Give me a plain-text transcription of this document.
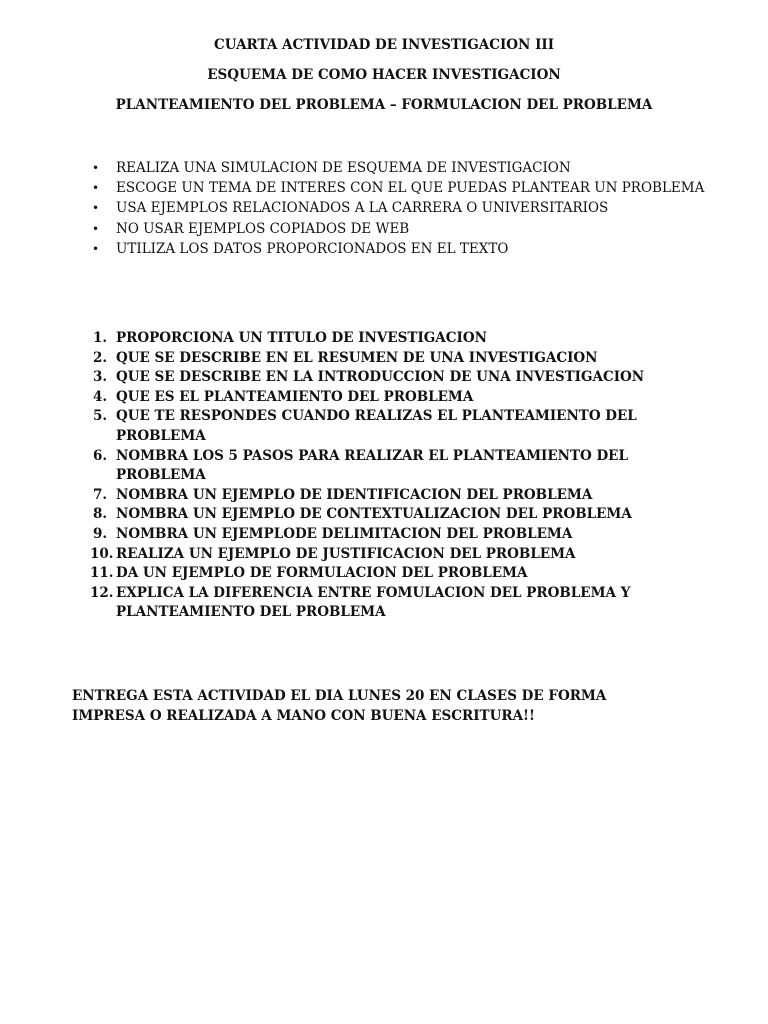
CUARTA ACTIVIDAD DE INVESTIGACION III
ESQUEMA DE COMO HACER INVESTIGACION
PLANTEAMIENTO DEL PROBLEMA – FORMULACION DEL PROBLEMA
• REALIZA UNA SIMULACION DE ESQUEMA DE INVESTIGACION
• ESCOGE UN TEMA DE INTERES CON EL QUE PUEDAS PLANTEAR UN PROBLEMA
• USA EJEMPLOS RELACIONADOS A LA CARRERA O UNIVERSITARIOS
• NO USAR EJEMPLOS COPIADOS DE WEB
• UTILIZA LOS DATOS PROPORCIONADOS EN EL TEXTO
1. PROPORCIONA UN TITULO DE INVESTIGACION
2. QUE SE DESCRIBE EN EL RESUMEN DE UNA INVESTIGACION
3. QUE SE DESCRIBE EN LA INTRODUCCION DE UNA INVESTIGACION
4. QUE ES EL PLANTEAMIENTO DEL PROBLEMA
5. QUE TE RESPONDES CUANDO REALIZAS EL PLANTEAMIENTO DEL PROBLEMA
6. NOMBRA LOS 5 PASOS PARA REALIZAR EL PLANTEAMIENTO DEL PROBLEMA
7. NOMBRA UN EJEMPLO DE IDENTIFICACION DEL PROBLEMA
8. NOMBRA UN EJEMPLO DE CONTEXTUALIZACION DEL PROBLEMA
9. NOMBRA UN EJEMPLODE DELIMITACION DEL PROBLEMA
10. REALIZA UN EJEMPLO DE JUSTIFICACION DEL PROBLEMA
11. DA UN EJEMPLO DE FORMULACION DEL PROBLEMA
12. EXPLICA LA DIFERENCIA ENTRE FOMULACION DEL PROBLEMA Y PLANTEAMIENTO DEL PROBLEMA
ENTREGA ESTA ACTIVIDAD EL DIA LUNES 20 EN CLASES DE FORMA IMPRESA O REALIZADA A MANO CON BUENA ESCRITURA!!
